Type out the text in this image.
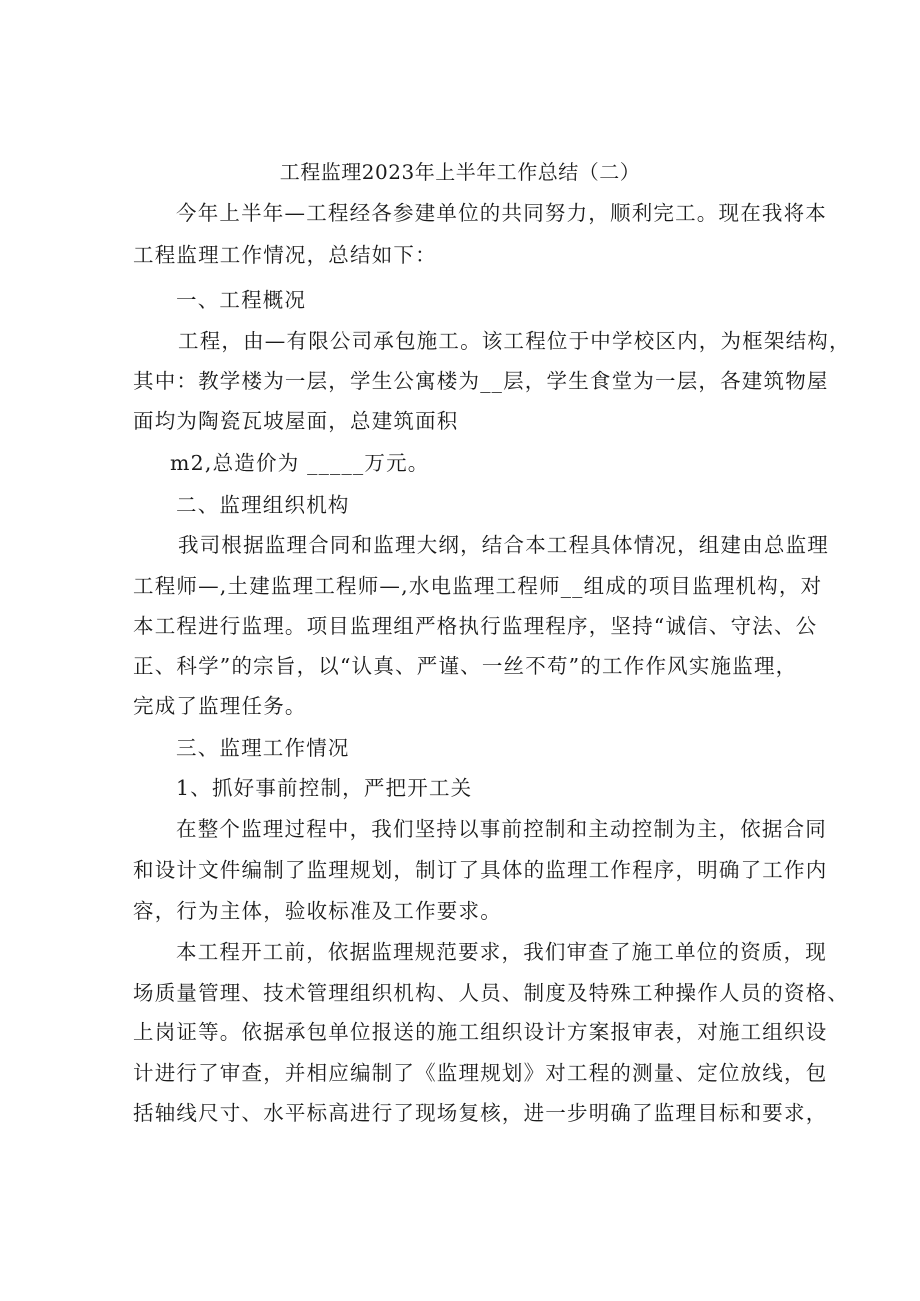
工程监理2023年上半年工作总结（二）
今年上半年—工程经各参建单位的共同努力，顺利完工。现在我将本
工程监理工作情况，总结如下：
一、工程概况
工程，由—有限公司承包施工。该工程位于中学校区内，为框架结构，
其中：教学楼为一层，学生公寓楼为__层，学生食堂为一层，各建筑物屋
面均为陶瓷瓦坡屋面，总建筑面积
m2,总造价为 _____万元。
二、监理组织机构
我司根据监理合同和监理大纲，结合本工程具体情况，组建由总监理
工程师—,土建监理工程师—,水电监理工程师__组成的项目监理机构，对
本工程进行监理。项目监理组严格执行监理程序，坚持“诚信、守法、公
正、科学”的宗旨，以“认真、严谨、一丝不苟”的工作作风实施监理，
完成了监理任务。
三、监理工作情况
1、抓好事前控制，严把开工关
在整个监理过程中，我们坚持以事前控制和主动控制为主，依据合同
和设计文件编制了监理规划，制订了具体的监理工作程序，明确了工作内
容，行为主体，验收标准及工作要求。
本工程开工前，依据监理规范要求，我们审查了施工单位的资质，现
场质量管理、技术管理组织机构、人员、制度及特殊工种操作人员的资格、
上岗证等。依据承包单位报送的施工组织设计方案报审表，对施工组织设
计进行了审查，并相应编制了《监理规划》对工程的测量、定位放线，包
括轴线尺寸、水平标高进行了现场复核，进一步明确了监理目标和要求，
